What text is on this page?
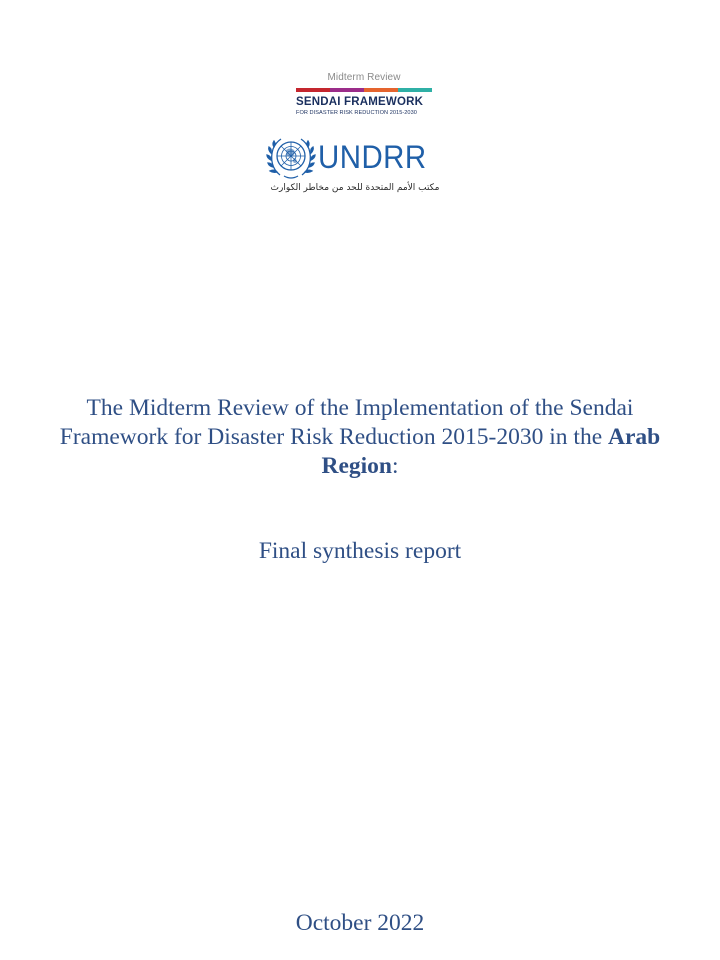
Midterm Review
SENDAI FRAMEWORK
FOR DISASTER RISK REDUCTION 2015-2030
UNDRR
مكتب الأمم المتحدة للحد من مخاطر الكوارث
The Midterm Review of the Implementation of the Sendai Framework for Disaster Risk Reduction 2015-2030 in the Arab
Region:
Final synthesis report
October 2022
